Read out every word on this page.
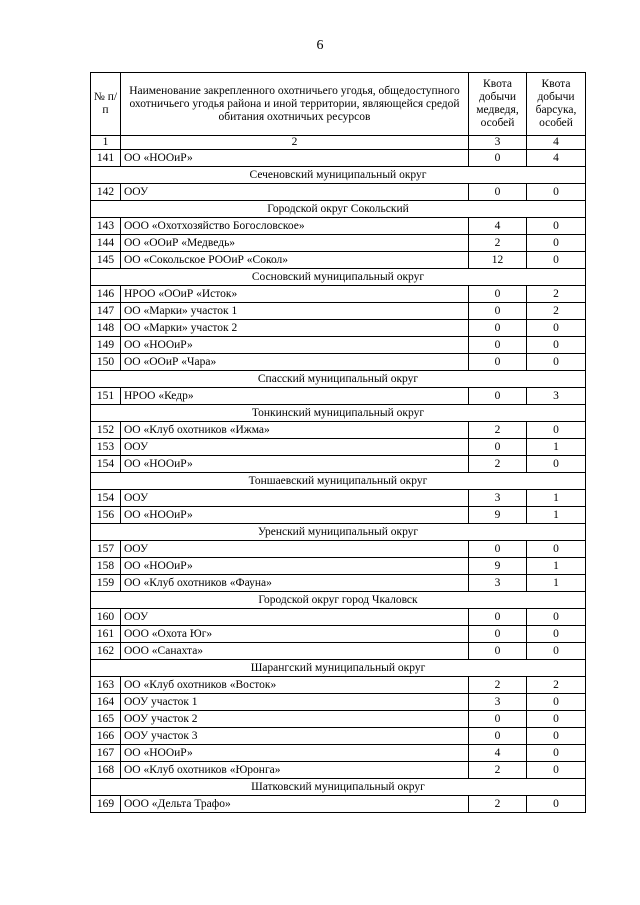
6
№ п/п	Наименование закрепленного охотничьего угодья, общедоступного охотничьего угодья района и иной территории, являющейся средой обитания охотничьих ресурсов	Квота добычи медведя, особей	Квота добычи барсука, особей
1	2	3	4
141	ОО «НООиР»	0	4
Сеченовский муниципальный округ			
142	ООУ	0	0
Городской округ Сокольский			
143	ООО «Охотхозяйство Богословское»	4	0
144	ОО «ООиР «Медведь»	2	0
145	ОО «Сокольское РООиР «Сокол»	12	0
Сосновский муниципальный округ			
146	НРОО «ООиР «Исток»	0	2
147	ОО «Марки» участок 1	0	2
148	ОО «Марки» участок 2	0	0
149	ОО «НООиР»	0	0
150	ОО «ООиР «Чара»	0	0
Спасский муниципальный округ			
151	НРОО «Кедр»	0	3
Тонкинский муниципальный округ			
152	ОО «Клуб охотников «Ижма»	2	0
153	ООУ	0	1
154	ОО «НООиР»	2	0
Тоншаевский муниципальный округ			
154	ООУ	3	1
156	ОО «НООиР»	9	1
Уренский муниципальный округ			
157	ООУ	0	0
158	ОО «НООиР»	9	1
159	ОО «Клуб охотников «Фауна»	3	1
Городской округ город Чкаловск			
160	ООУ	0	0
161	ООО «Охота Юг»	0	0
162	ООО «Санахта»	0	0
Шарангский муниципальный округ			
163	ОО «Клуб охотников «Восток»	2	2
164	ООУ участок 1	3	0
165	ООУ участок 2	0	0
166	ООУ участок 3	0	0
167	ОО «НООиР»	4	0
168	ОО «Клуб охотников «Юронга»	2	0
Шатковский муниципальный округ			
169	ООО «Дельта Трафо»	2	0
